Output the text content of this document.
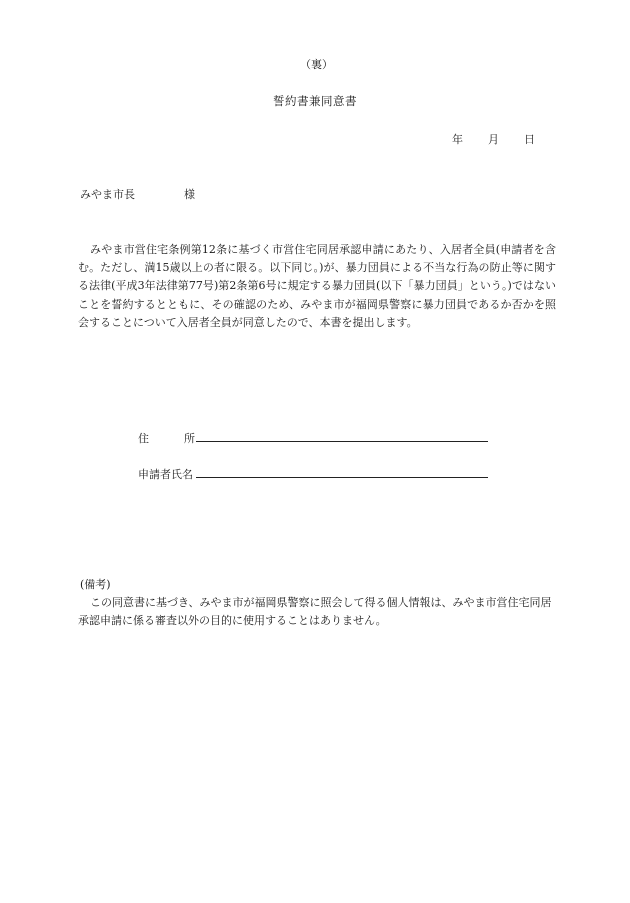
（裏）
誓約書兼同意書
年 月 日
みやま市長	様
みやま市営住宅条例第12条に基づく市営住宅同居承認申請にあたり、入居者全員(申請者を含む。ただし、満15歳以上の者に限る。以下同じ。)が、暴力団員による不当な行為の防止等に関する法律(平成3年法律第77号)第2条第6号に規定する暴力団員(以下「暴力団員」という。)ではないことを誓約するとともに、その確認のため、みやま市が福岡県警察に暴力団員であるか否かを照会することについて入居者全員が同意したので、本書を提出します。
住	所
申請者氏名
(備考)
この同意書に基づき、みやま市が福岡県警察に照会して得る個人情報は、みやま市営住宅同居承認申請に係る審査以外の目的に使用することはありません。
